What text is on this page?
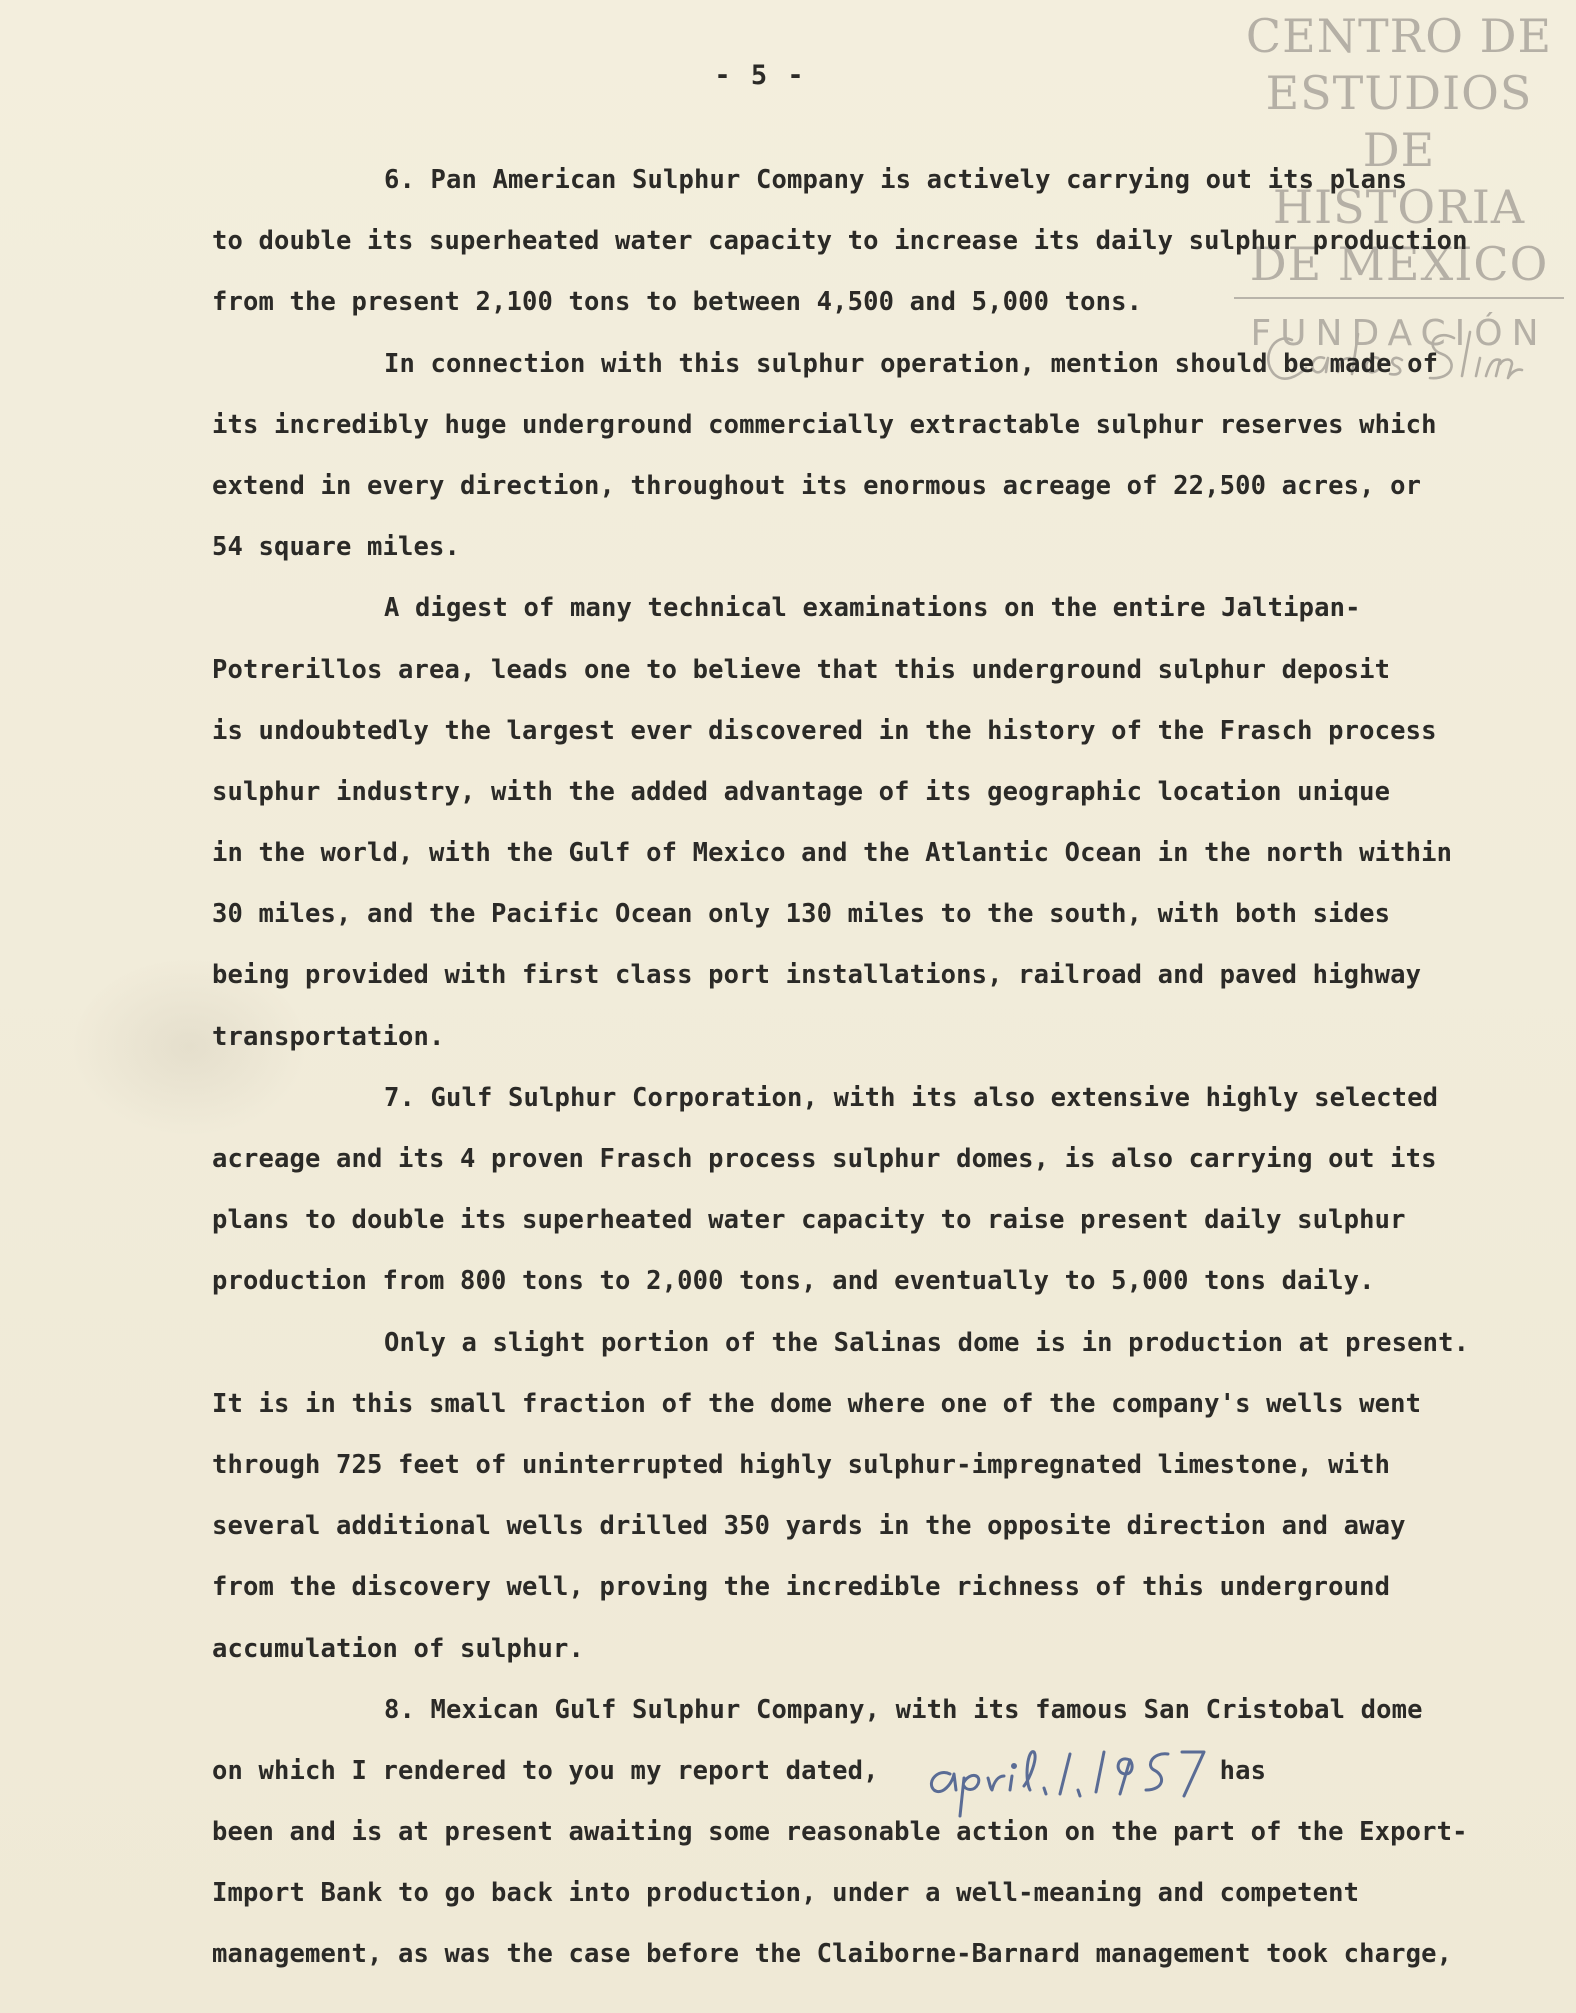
CENTRO DE
ESTUDIOS
DE HISTORIA
DE MEXICO
FUNDACIÓN
- 5 -
6. Pan American Sulphur Company is actively carrying out its plans
to double its superheated water capacity to increase its daily sulphur production
from the present 2,100 tons to between 4,500 and 5,000 tons.
In connection with this sulphur operation, mention should be made of
its incredibly huge underground commercially extractable sulphur reserves which
extend in every direction, throughout its enormous acreage of 22,500 acres, or
54 square miles.
A digest of many technical examinations on the entire Jaltipan-
Potrerillos area, leads one to believe that this underground sulphur deposit
is undoubtedly the largest ever discovered in the history of the Frasch process
sulphur industry, with the added advantage of its geographic location unique
in the world, with the Gulf of Mexico and the Atlantic Ocean in the north within
30 miles, and the Pacific Ocean only 130 miles to the south, with both sides
being provided with first class port installations, railroad and paved highway
transportation.
7. Gulf Sulphur Corporation, with its also extensive highly selected
acreage and its 4 proven Frasch process sulphur domes, is also carrying out its
plans to double its superheated water capacity to raise present daily sulphur
production from 800 tons to 2,000 tons, and eventually to 5,000 tons daily.
Only a slight portion of the Salinas dome is in production at present.
It is in this small fraction of the dome where one of the company's wells went
through 725 feet of uninterrupted highly sulphur-impregnated limestone, with
several additional wells drilled 350 yards in the opposite direction and away
from the discovery well, proving the incredible richness of this underground
accumulation of sulphur.
8. Mexican Gulf Sulphur Company, with its famous San Cristobal dome
on which I rendered to you my report dated,                      has
been and is at present awaiting some reasonable action on the part of the Export-
Import Bank to go back into production, under a well-meaning and competent
management, as was the case before the Claiborne-Barnard management took charge,
